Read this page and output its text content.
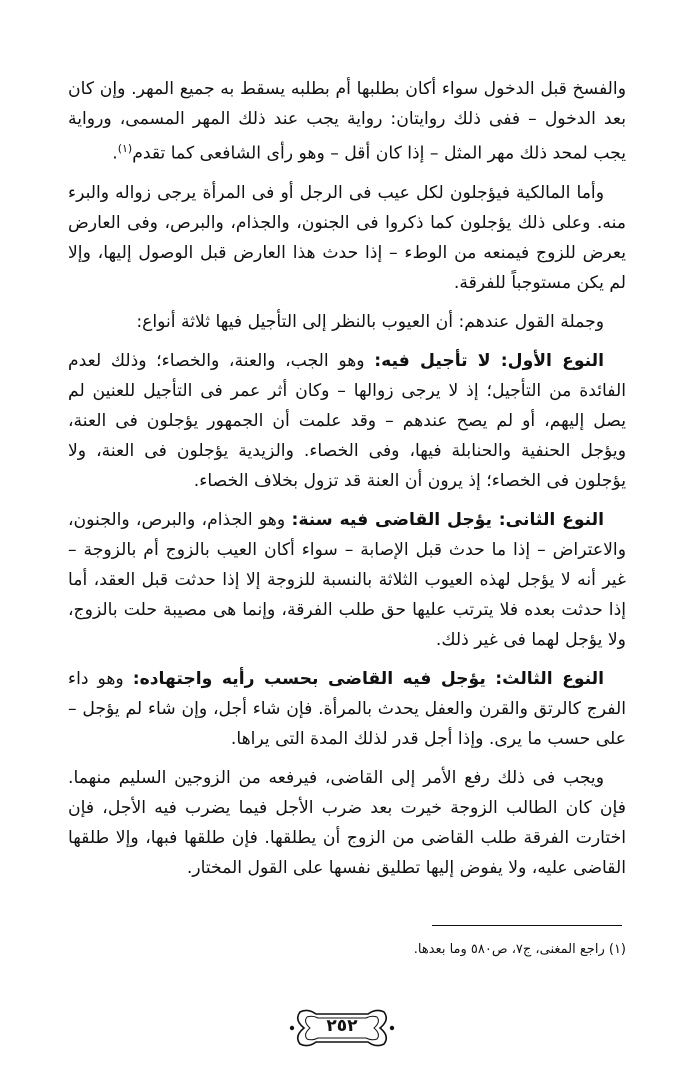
والفسخ قبل الدخول سواء أكان بطلبها أم بطلبه يسقط به جميع المهر. وإن كان بعد الدخول – ففى ذلك روايتان: رواية يجب عند ذلك المهر المسمى، ورواية يجب لمحد ذلك مهر المثل – إذا كان أقل – وهو رأى الشافعى كما تقدم$^{(١)}$.

وأما المالكية فيؤجلون لكل عيب فى الرجل أو فى المرأة يرجى زواله والبرء منه. وعلى ذلك يؤجلون كما ذكروا فى الجنون، والجذام، والبرص، وفى العارض يعرض للزوج فيمنعه من الوطء – إذا حدث هذا العارض قبل الوصول إليها، وإلا لم يكن مستوجباً للفرقة.

وجملة القول عندهم: أن العيوب بالنظر إلى التأجيل فيها ثلاثة أنواع:

النوع الأول: لا تأجيل فيه: وهو الجب، والعنة، والخصاء؛ وذلك لعدم الفائدة من التأجيل؛ إذ لا يرجى زوالها – وكان أثر عمر فى التأجيل للعنين لم يصل إليهم، أو لم يصح عندهم – وقد علمت أن الجمهور يؤجلون فى العنة، ويؤجل الحنفية والحنابلة فيها، وفى الخصاء. والزيدية يؤجلون فى العنة، ولا يؤجلون فى الخصاء؛ إذ يرون أن العنة قد تزول بخلاف الخصاء.

النوع الثانى: يؤجل القاضى فيه سنة: وهو الجذام، والبرص، والجنون، والاعتراض – إذا ما حدث قبل الإصابة – سواء أكان العيب بالزوج أم بالزوجة – غير أنه لا يؤجل لهذه العيوب الثلاثة بالنسبة للزوجة إلا إذا حدثت قبل العقد، أما إذا حدثت بعده فلا يترتب عليها حق طلب الفرقة، وإنما هى مصيبة حلت بالزوج، ولا يؤجل لهما فى غير ذلك.

النوع الثالث: يؤجل فيه القاضى بحسب رأيه واجتهاده: وهو داء الفرج كالرتق والقرن والعفل يحدث بالمرأة. فإن شاء أجل، وإن شاء لم يؤجل – على حسب ما يرى. وإذا أجل قدر لذلك المدة التى يراها.

ويجب فى ذلك رفع الأمر إلى القاضى، فيرفعه من الزوجين السليم منهما. فإن كان الطالب الزوجة خيرت بعد ضرب الأجل فيما يضرب فيه الأجل، فإن اختارت الفرقة طلب القاضى من الزوج أن يطلقها. فإن طلقها فبها، وإلا طلقها القاضى عليه، ولا يفوض إليها تطليق نفسها على القول المختار.

(١) راجع المغنى، ج٧، ص٥٨٠ وما بعدها.
٢٥٢
